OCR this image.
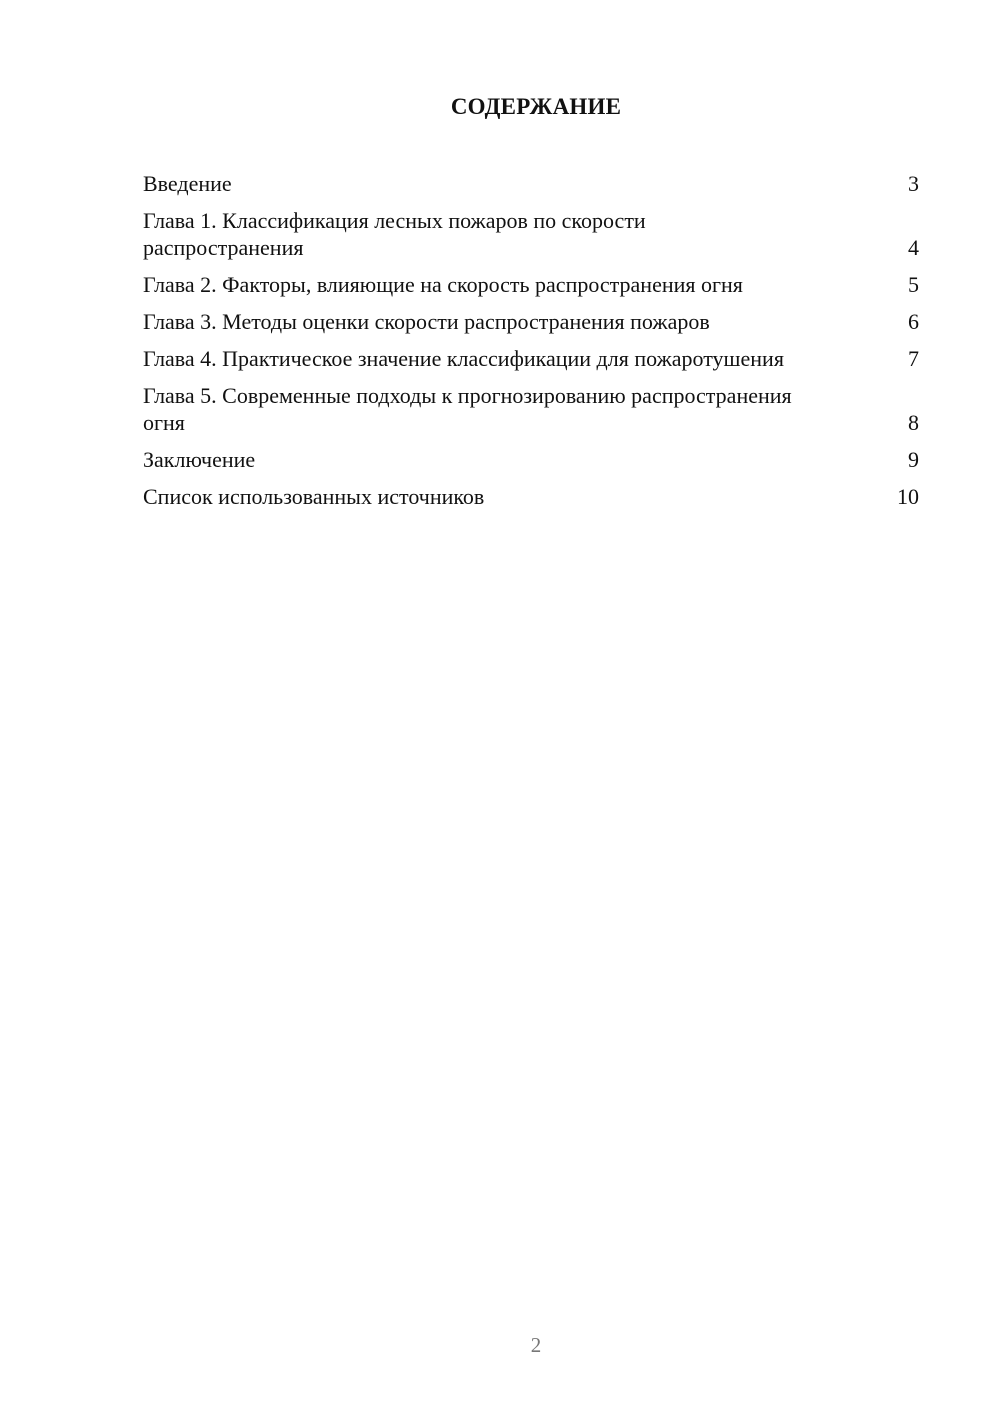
СОДЕРЖАНИЕ
Введение	3
Глава 1. Классификация лесных пожаров по скорости распространения	4
Глава 2. Факторы, влияющие на скорость распространения огня	5
Глава 3. Методы оценки скорости распространения пожаров	6
Глава 4. Практическое значение классификации для пожаротушения	7
Глава 5. Современные подходы к прогнозированию распространения огня	8
Заключение	9
Список использованных источников	10
2
